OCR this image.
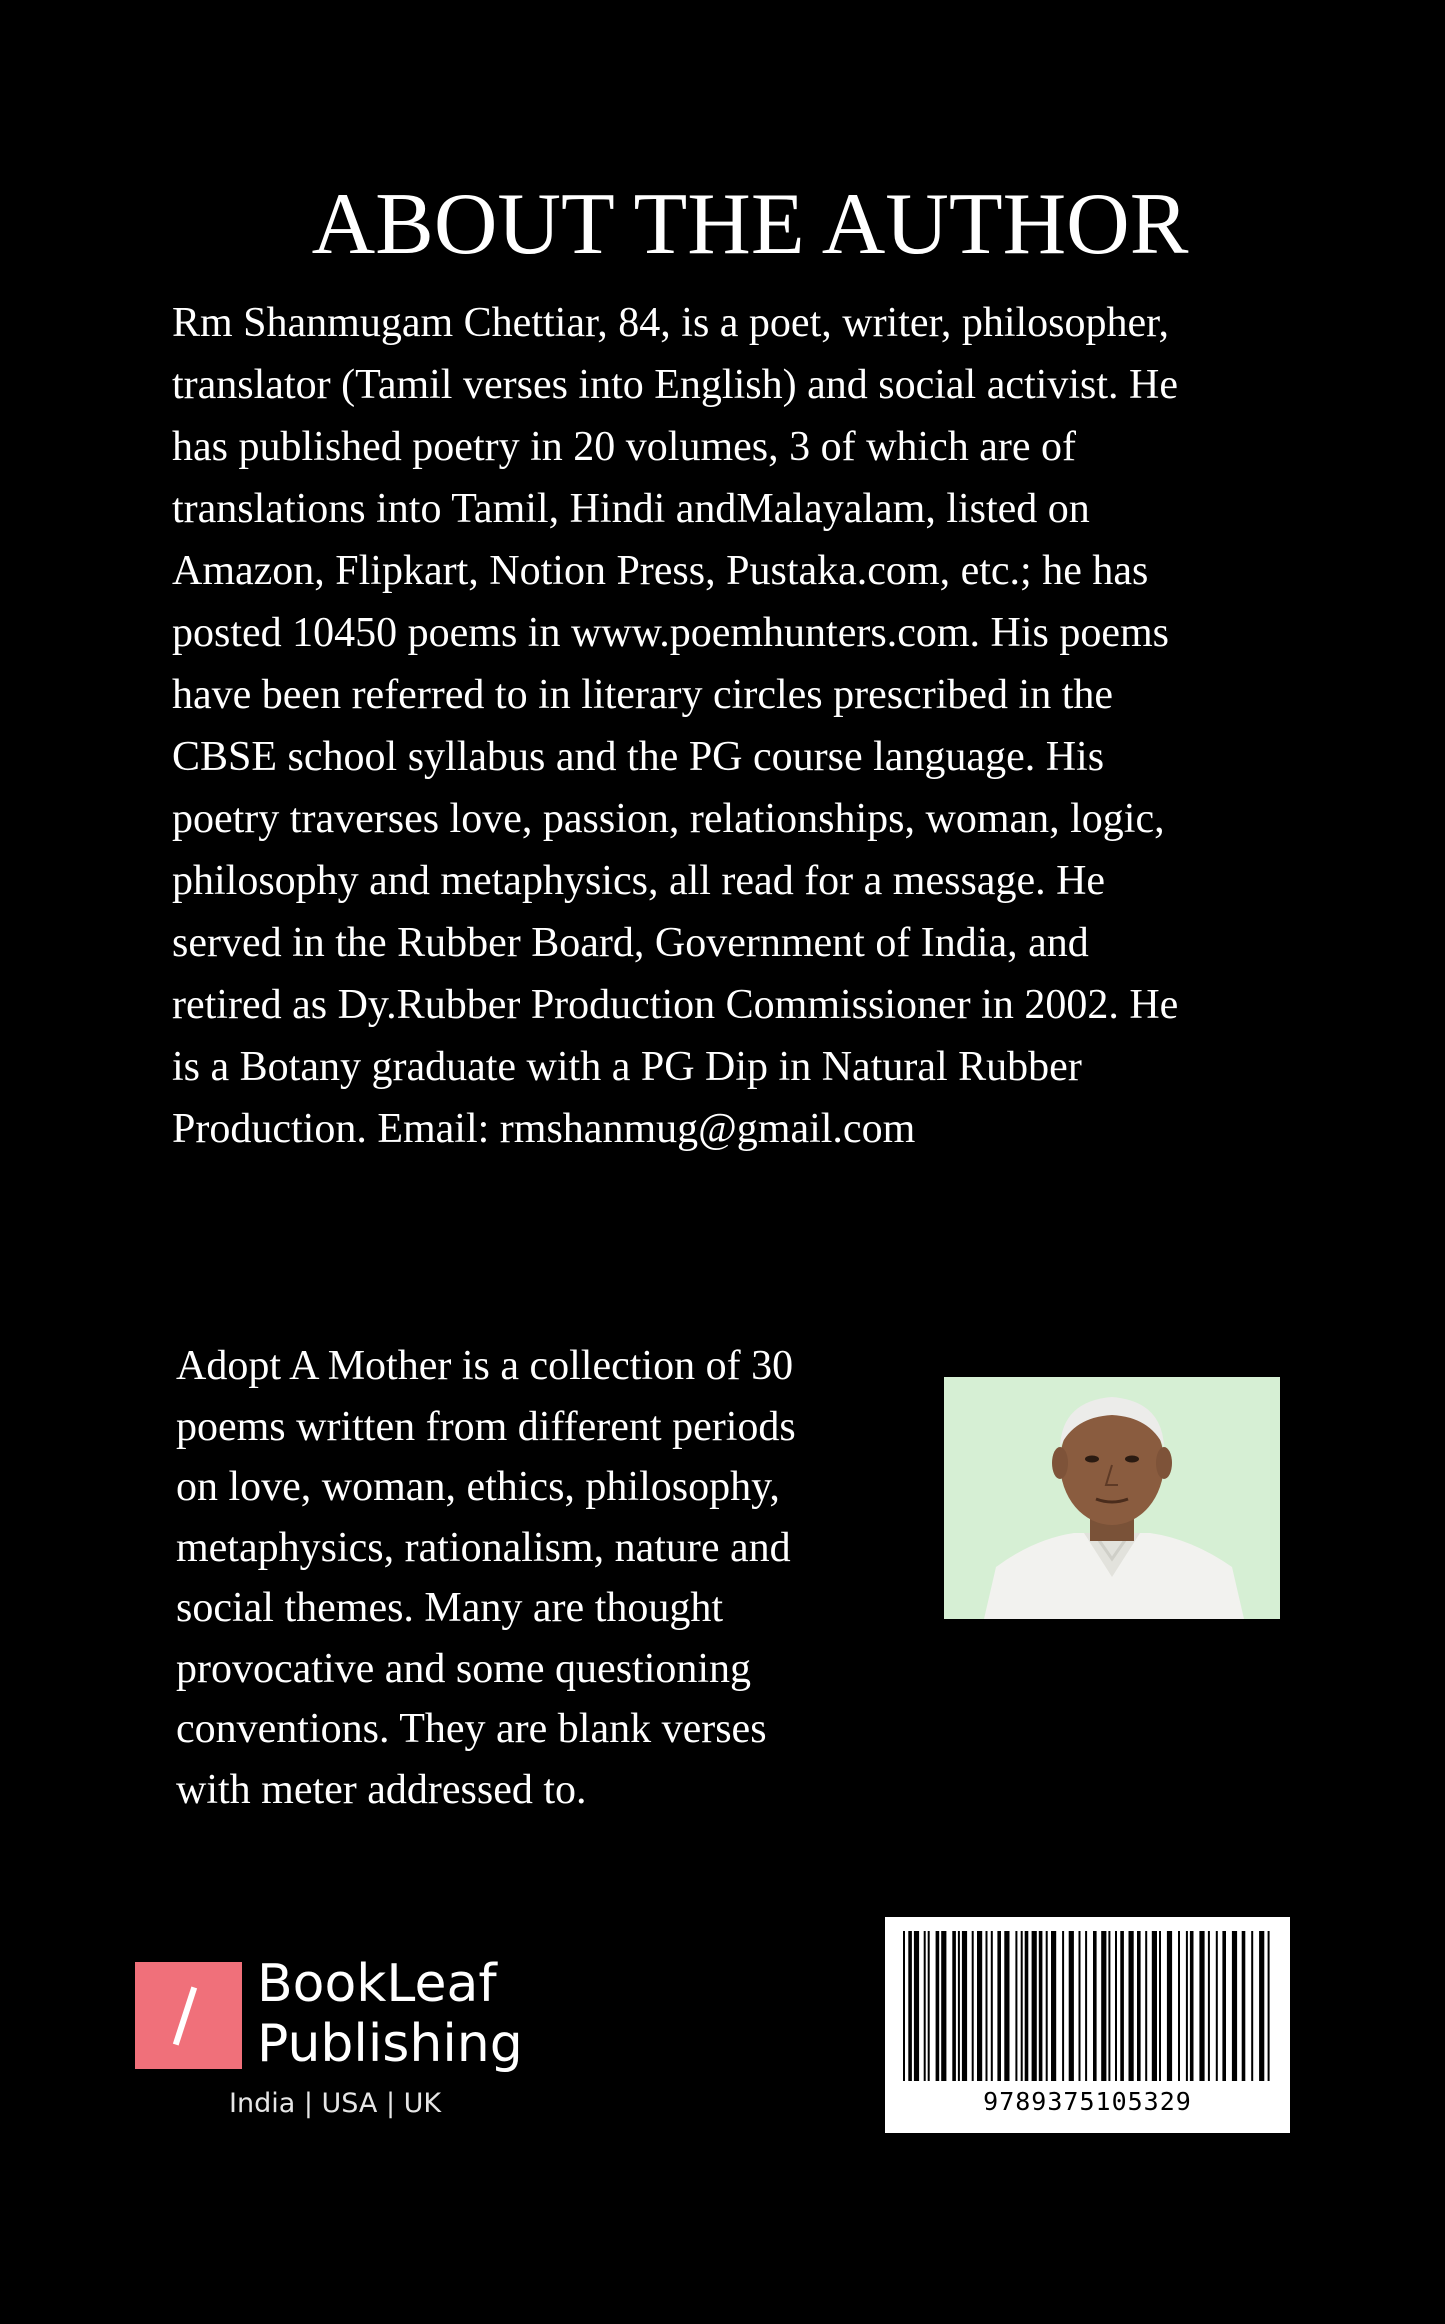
ABOUT THE AUTHOR

Rm Shanmugam Chettiar, 84, is a poet, writer, philosopher,
translator (Tamil verses into English) and social activist. He
has published poetry in 20 volumes, 3 of which are of
translations into Tamil, Hindi andMalayalam, listed on
Amazon, Flipkart, Notion Press, Pustaka.com, etc.; he has
posted 10450 poems in www.poemhunters.com. His poems
have been referred to in literary circles prescribed in the
CBSE school syllabus and the PG course language. His
poetry traverses love, passion, relationships, woman, logic,
philosophy and metaphysics, all read for a message. He
served in the Rubber Board, Government of India, and
retired as Dy.Rubber Production Commissioner in 2002. He
is a Botany graduate with a PG Dip in Natural Rubber
Production. Email: rmshanmug@gmail.com

Adopt A Mother is a collection of 30
poems written from different periods
on love, woman, ethics, philosophy,
metaphysics, rationalism, nature and
social themes. Many are thought
provocative and some questioning
conventions. They are blank verses
with meter addressed to.

BookLeaf
Publishing
India | USA | UK	9789375105329
